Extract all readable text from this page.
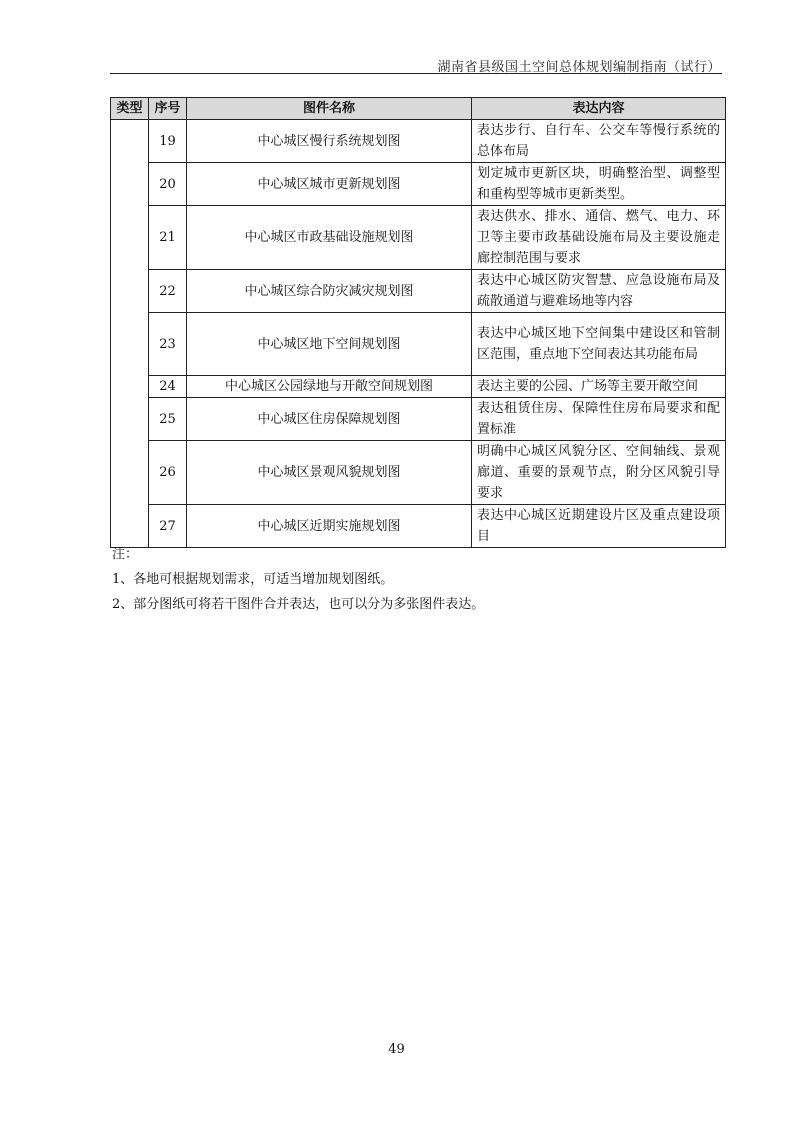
湖南省县级国土空间总体规划编制指南（试行）
类型	序号	图件名称	表达内容
	19	中心城区慢行系统规划图	表达步行、自行车、公交车等慢行系统的总体布局
	20	中心城区城市更新规划图	划定城市更新区块，明确整治型、调整型和重构型等城市更新类型。
	21	中心城区市政基础设施规划图	表达供水、排水、通信、燃气、电力、环卫等主要市政基础设施布局及主要设施走廊控制范围与要求
	22	中心城区综合防灾减灾规划图	表达中心城区防灾智慧、应急设施布局及疏散通道与避难场地等内容
	23	中心城区地下空间规划图	表达中心城区地下空间集中建设区和管制区范围，重点地下空间表达其功能布局
	24	中心城区公园绿地与开敞空间规划图	表达主要的公园、广场等主要开敞空间
	25	中心城区住房保障规划图	表达租赁住房、保障性住房布局要求和配置标准
	26	中心城区景观风貌规划图	明确中心城区风貌分区、空间轴线、景观廊道、重要的景观节点，附分区风貌引导要求
	27	中心城区近期实施规划图	表达中心城区近期建设片区及重点建设项目
注：
1、各地可根据规划需求，可适当增加规划图纸。
2、部分图纸可将若干图件合并表达，也可以分为多张图件表达。
49
